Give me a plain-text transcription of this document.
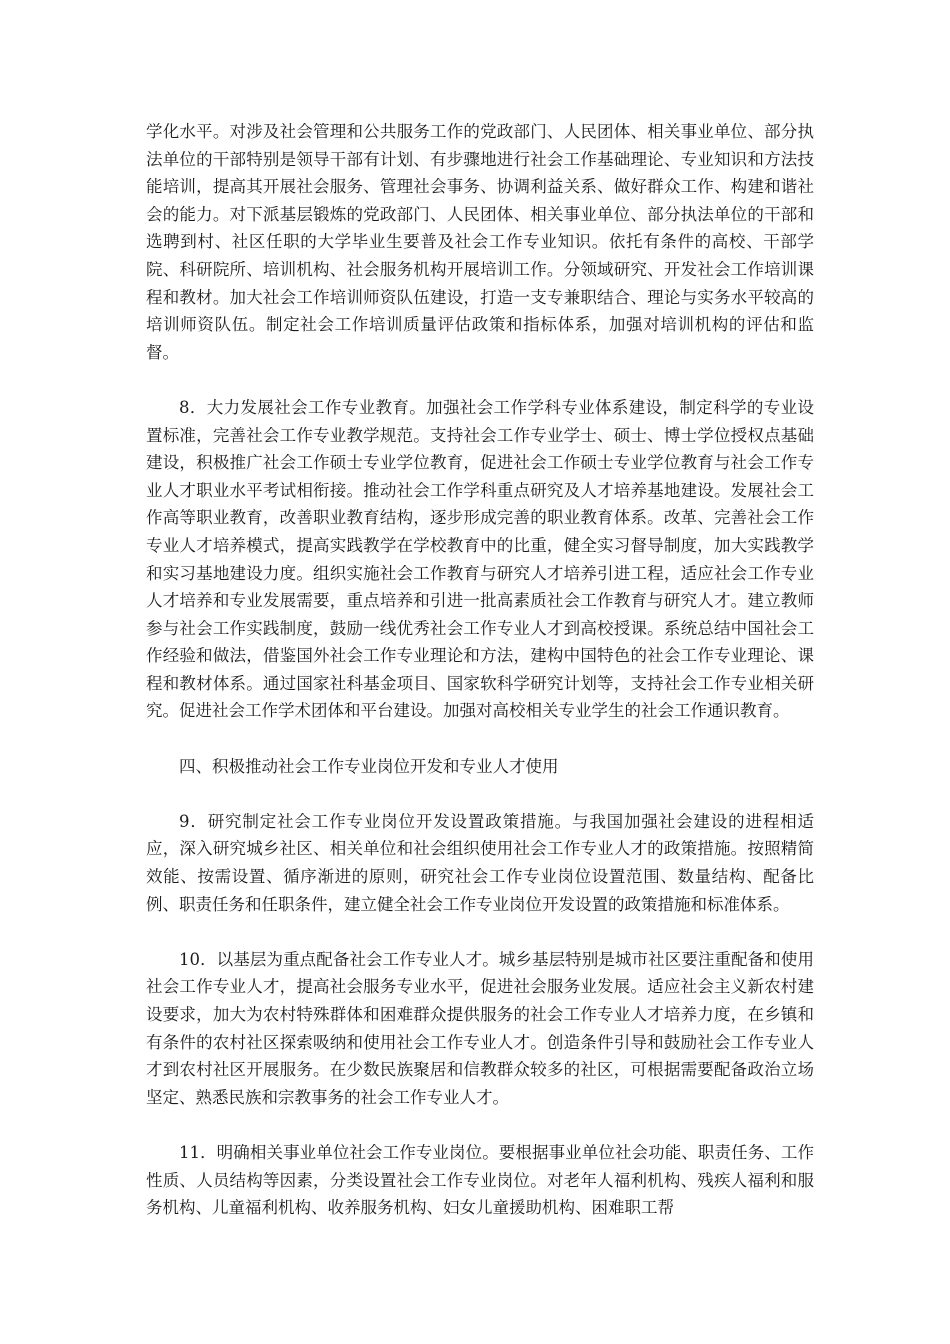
学化水平。对涉及社会管理和公共服务工作的党政部门、人民团体、相关事业单位、部分执法单位的干部特别是领导干部有计划、有步骤地进行社会工作基础理论、专业知识和方法技能培训，提高其开展社会服务、管理社会事务、协调利益关系、做好群众工作、构建和谐社会的能力。对下派基层锻炼的党政部门、人民团体、相关事业单位、部分执法单位的干部和选聘到村、社区任职的大学毕业生要普及社会工作专业知识。依托有条件的高校、干部学院、科研院所、培训机构、社会服务机构开展培训工作。分领域研究、开发社会工作培训课程和教材。加大社会工作培训师资队伍建设，打造一支专兼职结合、理论与实务水平较高的培训师资队伍。制定社会工作培训质量评估政策和指标体系，加强对培训机构的评估和监督。

8．大力发展社会工作专业教育。加强社会工作学科专业体系建设，制定科学的专业设置标准，完善社会工作专业教学规范。支持社会工作专业学士、硕士、博士学位授权点基础建设，积极推广社会工作硕士专业学位教育，促进社会工作硕士专业学位教育与社会工作专业人才职业水平考试相衔接。推动社会工作学科重点研究及人才培养基地建设。发展社会工作高等职业教育，改善职业教育结构，逐步形成完善的职业教育体系。改革、完善社会工作专业人才培养模式，提高实践教学在学校教育中的比重，健全实习督导制度，加大实践教学和实习基地建设力度。组织实施社会工作教育与研究人才培养引进工程，适应社会工作专业人才培养和专业发展需要，重点培养和引进一批高素质社会工作教育与研究人才。建立教师参与社会工作实践制度，鼓励一线优秀社会工作专业人才到高校授课。系统总结中国社会工作经验和做法，借鉴国外社会工作专业理论和方法，建构中国特色的社会工作专业理论、课程和教材体系。通过国家社科基金项目、国家软科学研究计划等，支持社会工作专业相关研究。促进社会工作学术团体和平台建设。加强对高校相关专业学生的社会工作通识教育。

四、积极推动社会工作专业岗位开发和专业人才使用

9．研究制定社会工作专业岗位开发设置政策措施。与我国加强社会建设的进程相适应，深入研究城乡社区、相关单位和社会组织使用社会工作专业人才的政策措施。按照精简效能、按需设置、循序渐进的原则，研究社会工作专业岗位设置范围、数量结构、配备比例、职责任务和任职条件，建立健全社会工作专业岗位开发设置的政策措施和标准体系。

10．以基层为重点配备社会工作专业人才。城乡基层特别是城市社区要注重配备和使用社会工作专业人才，提高社会服务专业水平，促进社会服务业发展。适应社会主义新农村建设要求，加大为农村特殊群体和困难群众提供服务的社会工作专业人才培养力度，在乡镇和有条件的农村社区探索吸纳和使用社会工作专业人才。创造条件引导和鼓励社会工作专业人才到农村社区开展服务。在少数民族聚居和信教群众较多的社区，可根据需要配备政治立场坚定、熟悉民族和宗教事务的社会工作专业人才。

11．明确相关事业单位社会工作专业岗位。要根据事业单位社会功能、职责任务、工作性质、人员结构等因素，分类设置社会工作专业岗位。对老年人福利机构、残疾人福利和服务机构、儿童福利机构、收养服务机构、妇女儿童援助机构、困难职工帮
